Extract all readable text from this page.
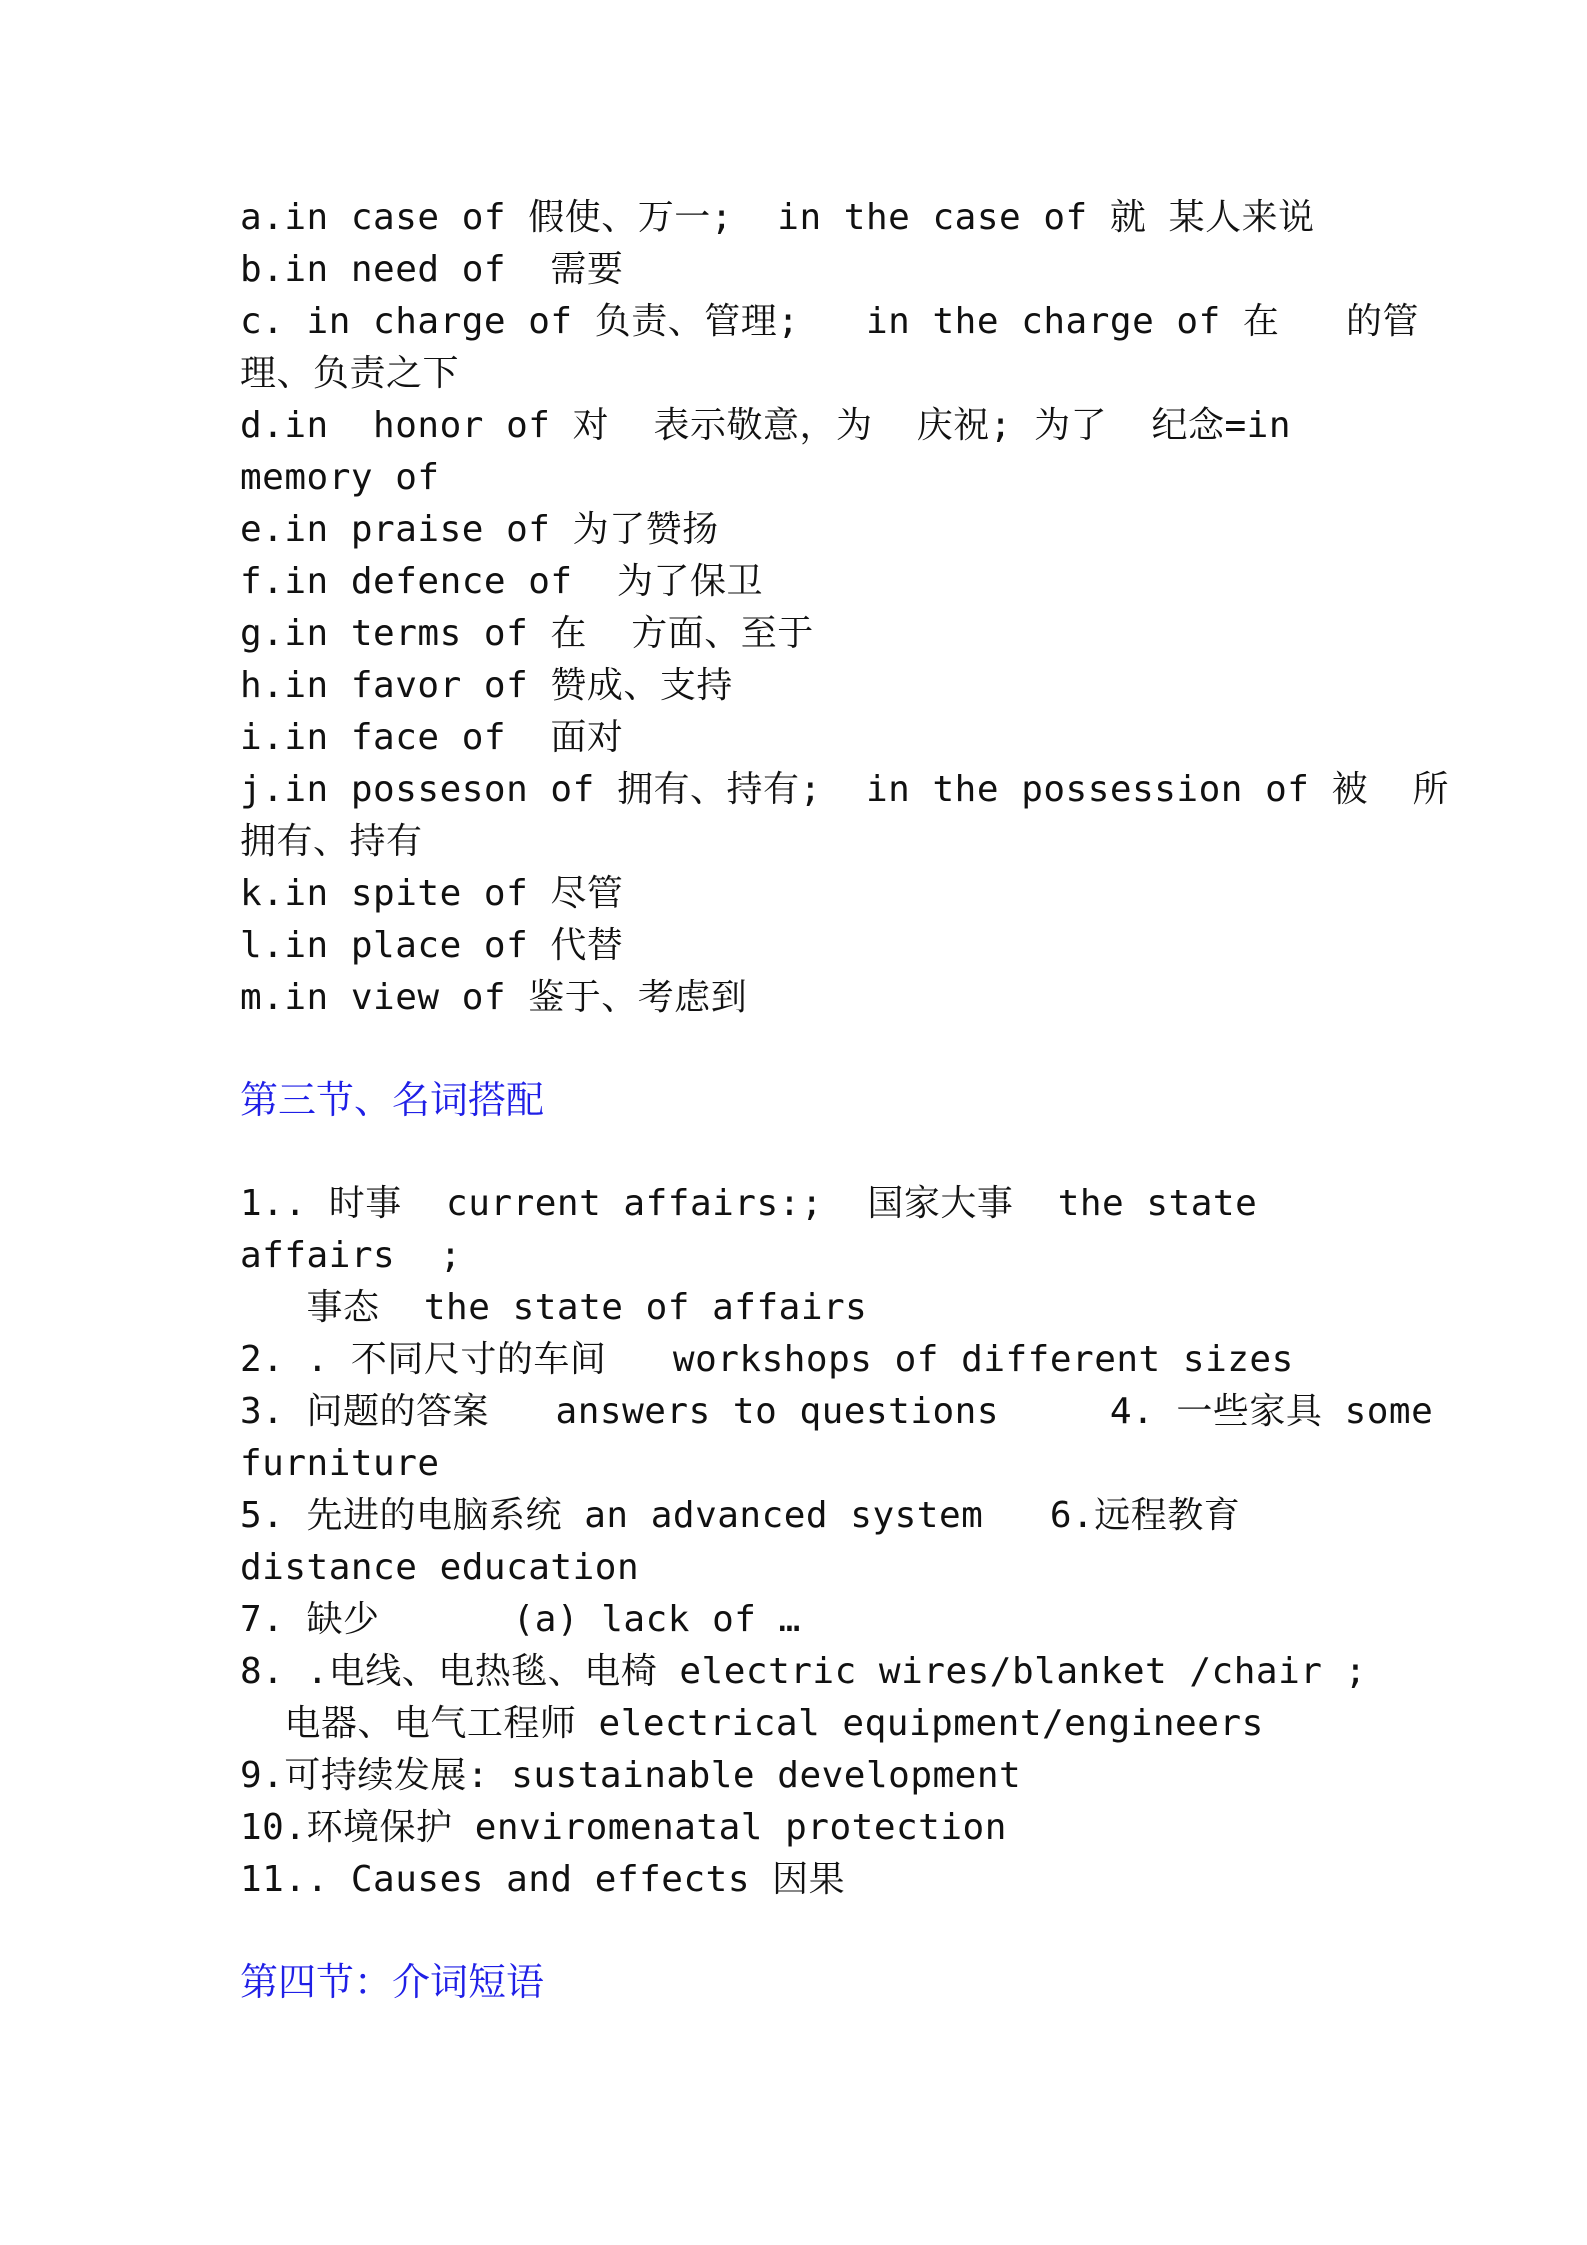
a.in case of 假使、万一;  in the case of 就 某人来说
b.in need of  需要
c. in charge of 负责、管理;   in the charge of 在   的管
理、负责之下
d.in  honor of 对  表示敬意，为  庆祝; 为了  纪念=in
memory of
e.in praise of 为了赞扬
f.in defence of  为了保卫
g.in terms of 在  方面、至于
h.in favor of 赞成、支持
i.in face of  面对
j.in posseson of 拥有、持有;  in the possession of 被  所
拥有、持有
k.in spite of 尽管
l.in place of 代替
m.in view of 鉴于、考虑到
第三节、名词搭配
1.. 时事  current affairs:;  国家大事  the state
affairs  ;
事态  the state of affairs
2. . 不同尺寸的车间   workshops of different sizes
3. 问题的答案   answers to questions     4. 一些家具 some
furniture
5. 先进的电脑系统 an advanced system   6.远程教育
distance education
7. 缺少      (a) lack of …
8. .电线、电热毯、电椅 electric wires/blanket /chair ;
电器、电气工程师 electrical equipment/engineers
9.可持续发展: sustainable development
10.环境保护 enviromenatal protection
11.. Causes and effects 因果
第四节：介词短语
